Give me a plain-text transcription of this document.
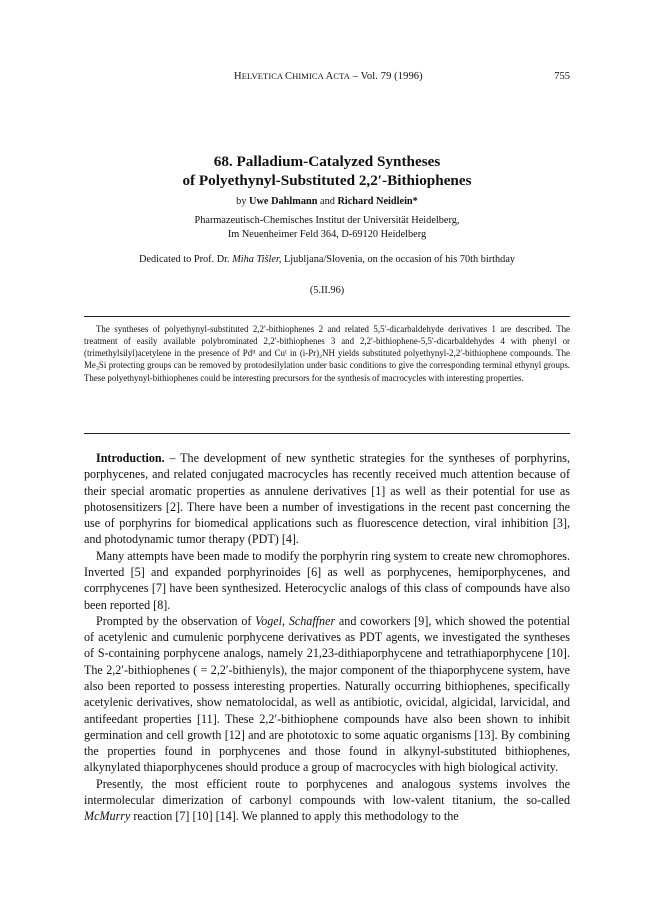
HELVETICA CHIMICA ACTA – Vol. 79 (1996)	755
68. Palladium-Catalyzed Syntheses
of Polyethynyl-Substituted 2,2′-Bithiophenes
by Uwe Dahlmann and Richard Neidlein*
Pharmazeutisch-Chemisches Institut der Universität Heidelberg,
Im Neuenheimer Feld 364, D-69120 Heidelberg
Dedicated to Prof. Dr. Miha Tišler, Ljubljana/Slovenia, on the occasion of his 70th birthday
(5.II.96)

The syntheses of polyethynyl-substituted 2,2′-bithiophenes 2 and related 5,5′-dicarbaldehyde derivatives 1 are described. The treatment of easily available polybrominated 2,2′-bithiophenes 3 and 2,2′-bithiophene-5,5′-dicarbaldehydes 4 with phenyl or (trimethylsilyl)acetylene in the presence of Pdᴵᴵ and Cuᴵ in (i-Pr)₂NH yields substituted polyethynyl-2,2′-bithiophene compounds. The Me₃Si protecting groups can be removed by protodesilylation under basic conditions to give the corresponding terminal ethynyl groups. These polyethynyl-bithiophenes could be interesting precursors for the synthesis of macrocycles with interesting properties.

Introduction. – The development of new synthetic strategies for the syntheses of porphyrins, porphycenes, and related conjugated macrocycles has recently received much attention because of their special aromatic properties as annulene derivatives [1] as well as their potential for use as photosensitizers [2]. There have been a number of investigations in the recent past concerning the use of porphyrins for biomedical applications such as fluorescence detection, viral inhibition [3], and photodynamic tumor therapy (PDT) [4].

Many attempts have been made to modify the porphyrin ring system to create new chromophores. Inverted [5] and expanded porphyrinoides [6] as well as porphycenes, hemiporphycenes, and corrphycenes [7] have been synthesized. Heterocyclic analogs of this class of compounds have also been reported [8].

Prompted by the observation of Vogel, Schaffner and coworkers [9], which showed the potential of acetylenic and cumulenic porphycene derivatives as PDT agents, we investigated the syntheses of S-containing porphycene analogs, namely 21,23-dithiaporphycene and tetrathiaporphycene [10]. The 2,2′-bithiophenes ( = 2,2′-bithienyls), the major component of the thiaporphycene system, have also been reported to possess interesting properties. Naturally occurring bithiophenes, specifically acetylenic derivatives, show nematolocidal, as well as antibiotic, ovicidal, algicidal, larvicidal, and antifeedant properties [11]. These 2,2′-bithiophene compounds have also been shown to inhibit germination and cell growth [12] and are phototoxic to some aquatic organisms [13]. By combining the properties found in porphycenes and those found in alkynyl-substituted bithiophenes, alkynylated thiaporphycenes should produce a group of macrocycles with high biological activity.

Presently, the most efficient route to porphycenes and analogous systems involves the intermolecular dimerization of carbonyl compounds with low-valent titanium, the so-called McMurry reaction [7] [10] [14]. We planned to apply this methodology to the
